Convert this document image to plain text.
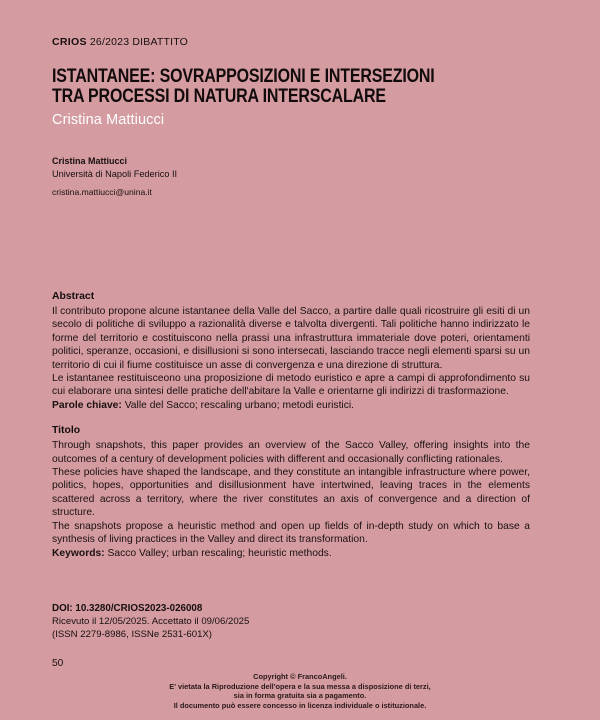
CRIOS 26/2023 DIBATTITO
ISTANTANEE: SOVRAPPOSIZIONI E INTERSEZIONI
TRA PROCESSI DI NATURA INTERSCALARE
Cristina Mattiucci
Cristina Mattiucci
Università di Napoli Federico II
cristina.mattiucci@unina.it
Abstract

Il contributo propone alcune istantanee della Valle del Sacco, a partire dalle quali ricostruire gli esiti di un secolo di politiche di sviluppo a razionalità diverse e talvolta divergenti. Tali politiche hanno indirizzato le forme del territorio e costituiscono nella prassi una infrastruttura immateriale dove poteri, orientamenti politici, speranze, occasioni, e disillusioni si sono intersecati, lasciando tracce negli elementi sparsi su un territorio di cui il fiume costituisce un asse di convergenza e una direzione di struttura.

Le istantanee restituisceono una proposizione di metodo euristico e apre a campi di approfondimento su cui elaborare una sintesi delle pratiche dell'abitare la Valle e orientarne gli indirizzi di trasformazione.

Parole chiave: Valle del Sacco; rescaling urbano; metodi euristici.

Titolo

Through snapshots, this paper provides an overview of the Sacco Valley, offering insights into the outcomes of a century of development policies with different and occasionally conflicting rationales.

These policies have shaped the landscape, and they constitute an intangible infrastructure where power, politics, hopes, opportunities and disillusionment have intertwined, leaving traces in the elements scattered across a territory, where the river constitutes an axis of convergence and a direction of structure.

The snapshots propose a heuristic method and open up fields of in-depth study on which to base a synthesis of living practices in the Valley and direct its transformation.

Keywords: Sacco Valley; urban rescaling; heuristic methods.

DOI: 10.3280/CRIOS2023-026008
Ricevuto il 12/05/2025. Accettato il 09/06/2025
(ISSN 2279-8986, ISSNe 2531-601X)
50
Copyright © FrancoAngeli.
E' vietata la Riproduzione dell'opera e la sua messa a disposizione di terzi,
sia in forma gratuita sia a pagamento.
Il documento può essere concesso in licenza individuale o istituzionale.
